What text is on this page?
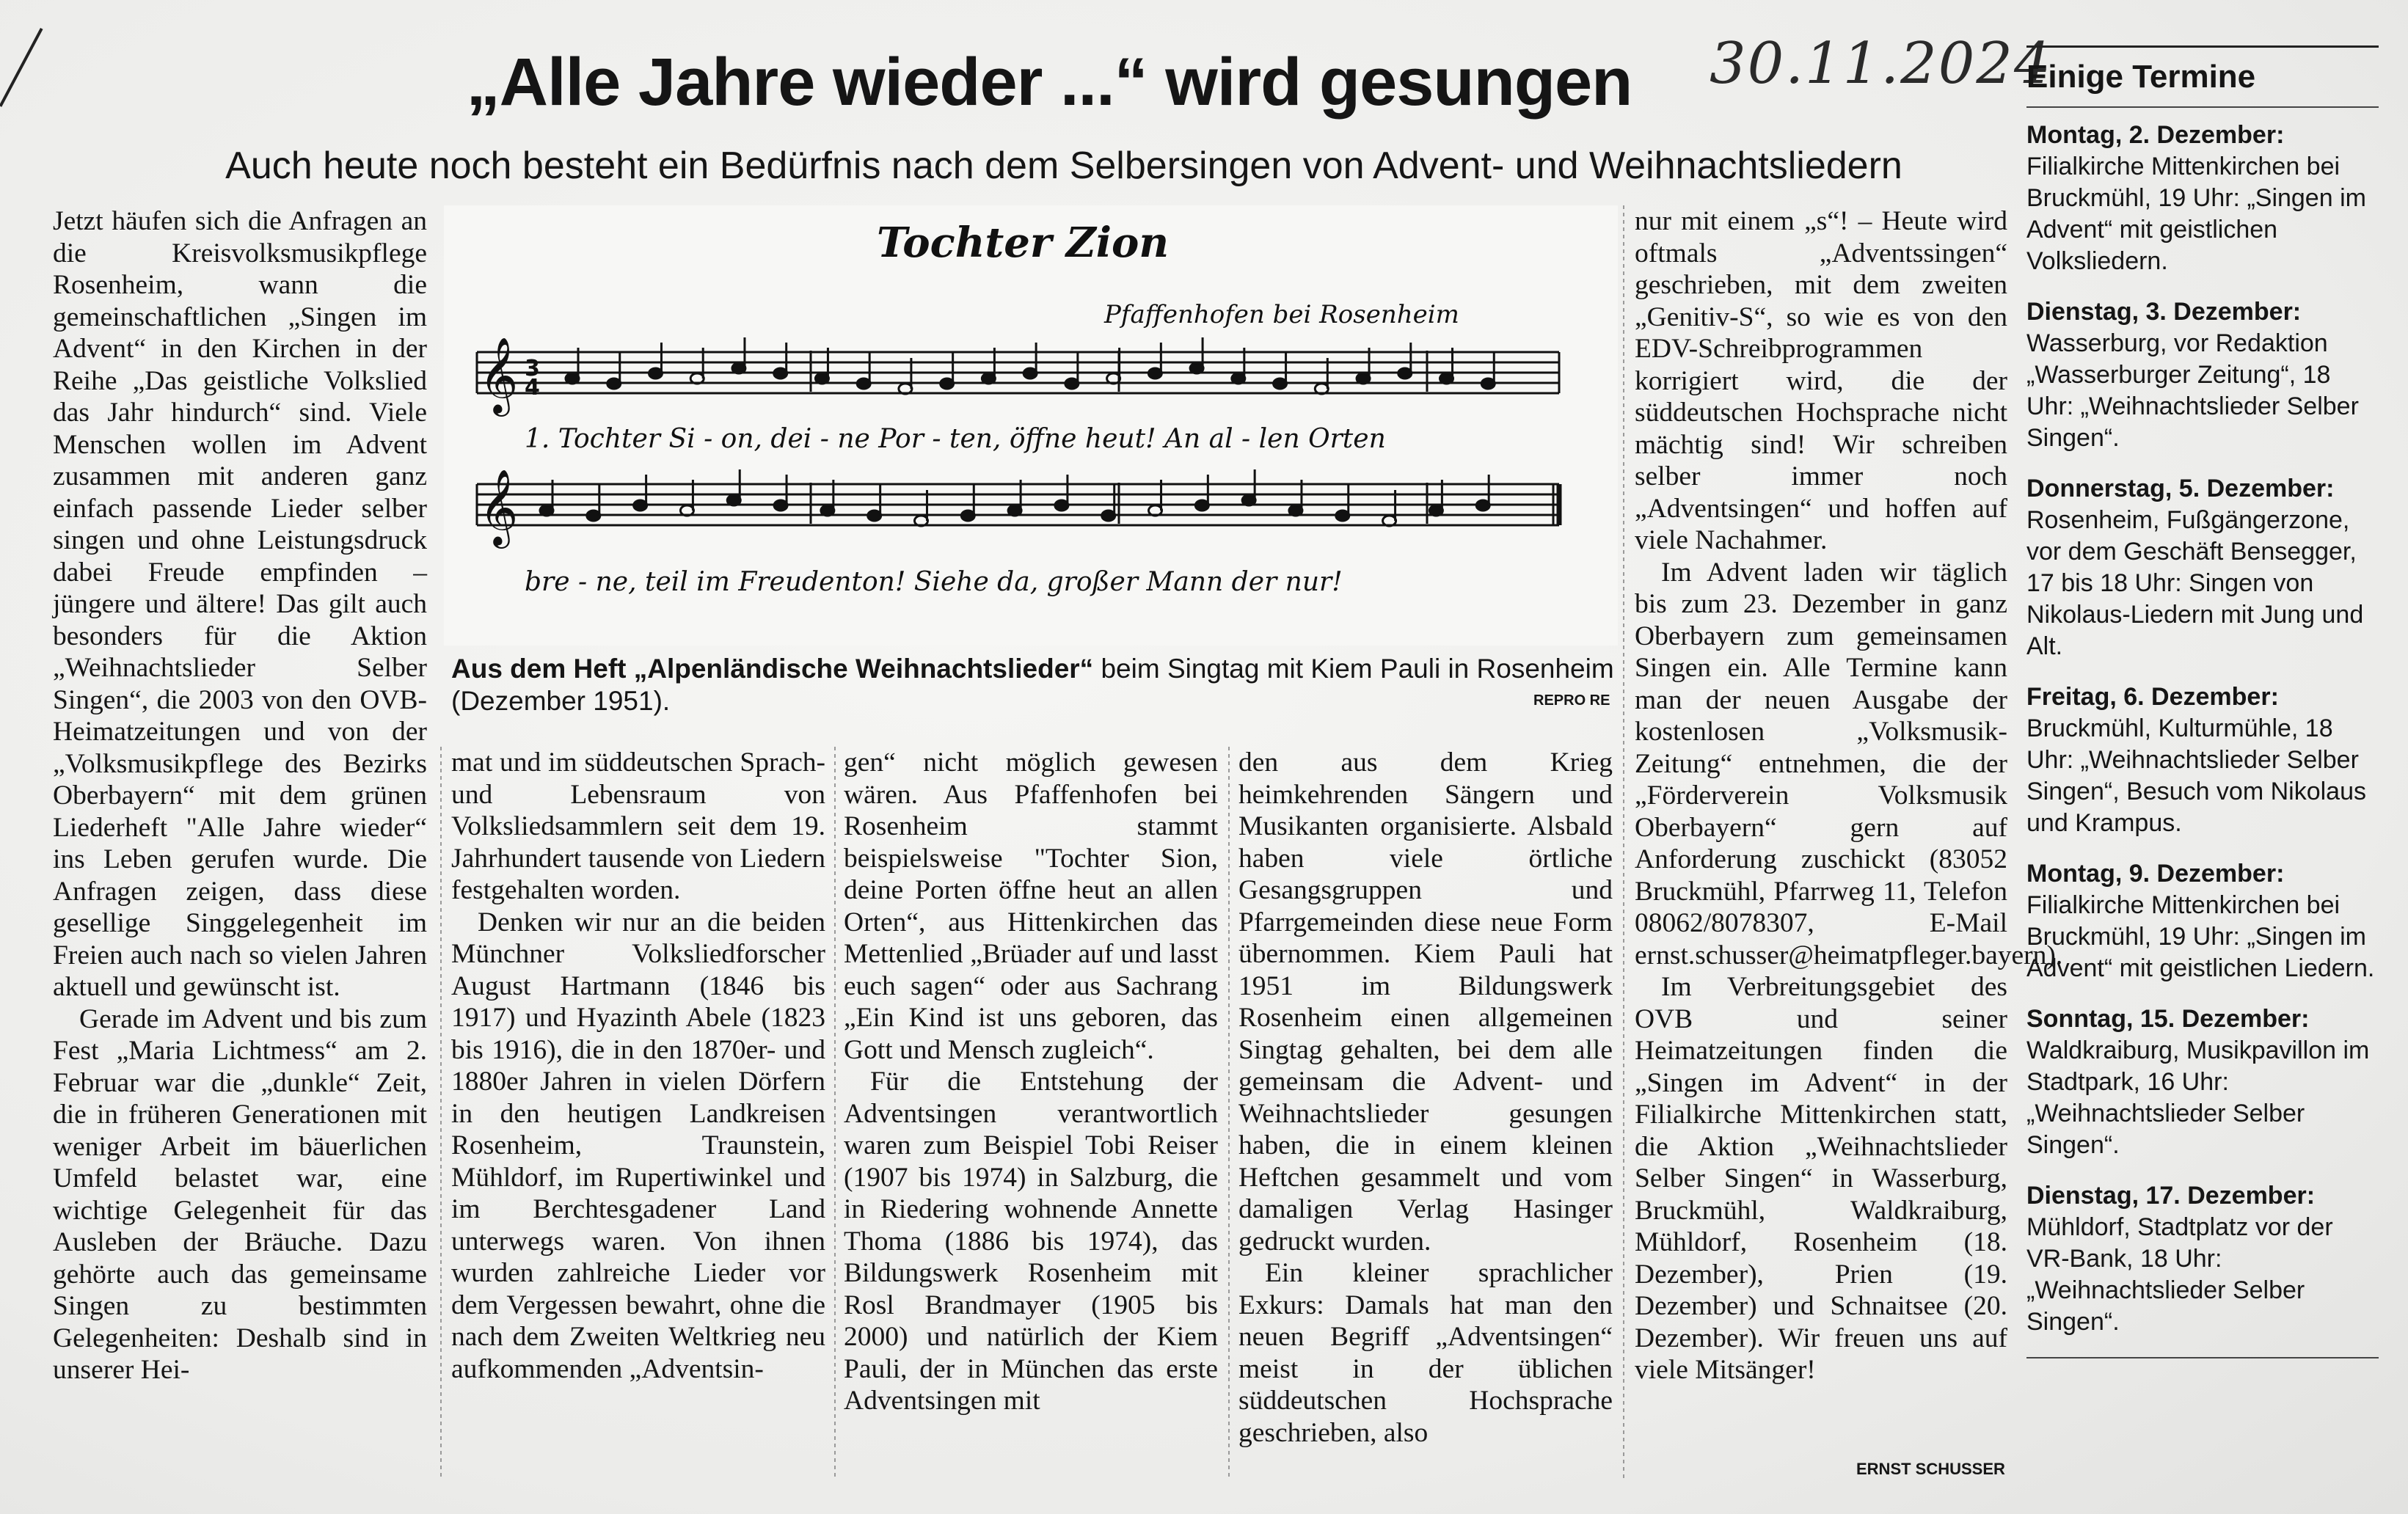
„Alle Jahre wieder ...“ wird gesungen	30.11.2024
Auch heute noch besteht ein Bedürfnis nach dem Selbersingen von Advent- und Weihnachtsliedern

Jetzt häufen sich die Anfragen an die Kreisvolksmusikpflege Rosenheim, wann die gemeinschaftlichen „Singen im Advent“ in den Kirchen in der Reihe „Das geistliche Volkslied das Jahr hindurch“ sind. Viele Menschen wollen im Advent zusammen mit anderen ganz einfach passende Lieder selber singen und ohne Leistungsdruck dabei Freude empfinden – jüngere und ältere! Das gilt auch besonders für die Aktion „Weihnachtslieder Selber Singen“, die 2003 von den OVB-Heimatzeitungen und von der „Volksmusikpflege des Bezirks Oberbayern“ mit dem grünen Liederheft "Alle Jahre wieder“ ins Leben gerufen wurde. Die Anfragen zeigen, dass diese gesellige Singgelegenheit im Freien auch nach so vielen Jahren aktuell und gewünscht ist.

Gerade im Advent und bis zum Fest „Maria Lichtmess“ am 2. Februar war die „dunkle“ Zeit, die in früheren Generationen mit weniger Arbeit im bäuerlichen Umfeld belastet war, eine wichtige Gelegenheit für das Ausleben der Bräuche. Dazu gehörte auch das gemeinsame Singen zu bestimmten Gelegenheiten: Deshalb sind in unserer Hei-

Tochter Zion
Pfaffenhofen bei Rosenheim
𝄞 3
4
1. Tochter Si - on, dei - ne Por - ten, öffne heut! An al - len Orten
𝄞
bre - ne, teil im Freudenton! Siehe da, großer Mann der nur!
Aus dem Heft „Alpenländische Weihnachtslieder“ beim Singtag mit Kiem Pauli in Rosenheim (Dezember 1951).	REPRO RE

mat und im süddeutschen Sprach- und Lebensraum von Volksliedsammlern seit dem 19. Jahrhundert tausende von Liedern festgehalten worden.

Denken wir nur an die beiden Münchner Volksliedforscher August Hartmann (1846 bis 1917) und Hyazinth Abele (1823 bis 1916), die in den 1870er- und 1880er Jahren in vielen Dörfern in den heutigen Landkreisen Rosenheim, Traunstein, Mühldorf, im Rupertiwinkel und im Berchtesgadener Land unterwegs waren. Von ihnen wurden zahlreiche Lieder vor dem Vergessen bewahrt, ohne die nach dem Zweiten Weltkrieg neu aufkommenden „Adventsin-

gen“ nicht möglich gewesen wären. Aus Pfaffenhofen bei Rosenheim stammt beispielsweise "Tochter Sion, deine Porten öffne heut an allen Orten“, aus Hittenkirchen das Mettenlied „Brüader auf und lasst euch sagen“ oder aus Sachrang „Ein Kind ist uns geboren, das Gott und Mensch zugleich“.

Für die Entstehung der Adventsingen verantwortlich waren zum Beispiel Tobi Reiser (1907 bis 1974) in Salzburg, die in Riedering wohnende Annette Thoma (1886 bis 1974), das Bildungswerk Rosenheim mit Rosl Brandmayer (1905 bis 2000) und natürlich der Kiem Pauli, der in München das erste Adventsingen mit

den aus dem Krieg heimkehrenden Sängern und Musikanten organisierte. Alsbald haben viele örtliche Gesangsgruppen und Pfarrgemeinden diese neue Form übernommen. Kiem Pauli hat 1951 im Bildungswerk Rosenheim einen allgemeinen Singtag gehalten, bei dem alle gemeinsam die Advent- und Weihnachtslieder gesungen haben, die in einem kleinen Heftchen gesammelt und vom damaligen Verlag Hasinger gedruckt wurden.

Ein kleiner sprachlicher Exkurs: Damals hat man den neuen Begriff „Adventsingen“ meist in der üblichen süddeutschen Hochsprache geschrieben, also

nur mit einem „s“! – Heute wird oftmals „Adventssingen“ geschrieben, mit dem zweiten „Genitiv-S“, so wie es von den EDV-Schreibprogrammen korrigiert wird, die der süddeutschen Hochsprache nicht mächtig sind! Wir schreiben selber immer noch „Adventsingen“ und hoffen auf viele Nachahmer.

Im Advent laden wir täglich bis zum 23. Dezember in ganz Oberbayern zum gemeinsamen Singen ein. Alle Termine kann man der neuen Ausgabe der kostenlosen „Volksmusik-Zeitung“ entnehmen, die der „Förderverein Volksmusik Oberbayern“ gern auf Anforderung zuschickt (83052 Bruckmühl, Pfarrweg 11, Telefon 08062/8078307, E-Mail ernst.schusser@heimatpfleger.bayern).

Im Verbreitungsgebiet des OVB und seiner Heimatzeitungen finden die „Singen im Advent“ in der Filialkirche Mittenkirchen statt, die Aktion „Weihnachtslieder Selber Singen“ in Wasserburg, Bruckmühl, Waldkraiburg, Mühldorf, Rosenheim (18. Dezember), Prien (19. Dezember) und Schnaitsee (20. Dezember). Wir freuen uns auf viele Mitsänger!

ERNST SCHUSSER
Einige Termine
Montag, 2. Dezember:
Filialkirche Mittenkirchen bei Bruckmühl, 19 Uhr: „Singen im Advent“ mit geistlichen Volksliedern.
Dienstag, 3. Dezember:
Wasserburg, vor Redaktion „Wasserburger Zeitung“, 18 Uhr: „Weihnachtslieder Selber Singen“.
Donnerstag, 5. Dezember:
Rosenheim, Fußgängerzone, vor dem Geschäft Bensegger, 17 bis 18 Uhr: Singen von Nikolaus-Liedern mit Jung und Alt.
Freitag, 6. Dezember:
Bruckmühl, Kulturmühle, 18 Uhr: „Weihnachtslieder Selber Singen“, Besuch vom Nikolaus und Krampus.
Montag, 9. Dezember:
Filialkirche Mittenkirchen bei Bruckmühl, 19 Uhr: „Singen im Advent“ mit geistlichen Liedern.
Sonntag, 15. Dezember:
Waldkraiburg, Musikpavillon im Stadtpark, 16 Uhr: „Weihnachtslieder Selber Singen“.
Dienstag, 17. Dezember:
Mühldorf, Stadtplatz vor der VR-Bank, 18 Uhr: „Weihnachtslieder Selber Singen“.
